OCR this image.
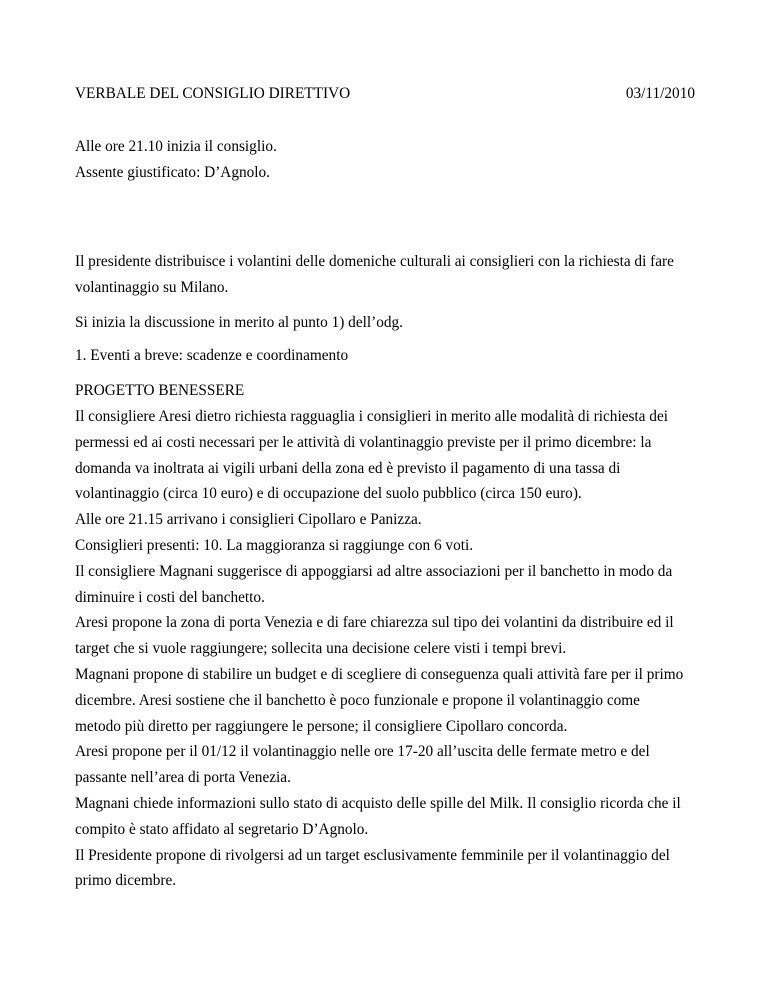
VERBALE DEL CONSIGLIO DIRETTIVO	03/11/2010
Alle ore 21.10 inizia il consiglio.
Assente giustificato: D’Agnolo.
Il presidente distribuisce i volantini delle domeniche culturali ai consiglieri con la richiesta di fare
volantinaggio su Milano.
Si inizia la discussione in merito al punto 1) dell’odg.
1. Eventi a breve: scadenze e coordinamento
PROGETTO BENESSERE
Il consigliere Aresi dietro richiesta ragguaglia i consiglieri in merito alle modalità di richiesta dei
permessi ed ai costi necessari per le attività di volantinaggio previste per il primo dicembre: la
domanda va inoltrata ai vigili urbani della zona ed è previsto il pagamento di una tassa di
volantinaggio (circa 10 euro) e di occupazione del suolo pubblico (circa 150 euro).
Alle ore 21.15 arrivano i consiglieri Cipollaro e Panizza.
Consiglieri presenti: 10. La maggioranza si raggiunge con 6 voti.
Il consigliere Magnani suggerisce di appoggiarsi ad altre associazioni per il banchetto in modo da
diminuire i costi del banchetto.
Aresi propone la zona di porta Venezia e di fare chiarezza sul tipo dei volantini da distribuire ed il
target che si vuole raggiungere; sollecita una decisione celere visti i tempi brevi.
Magnani propone di stabilire un budget e di scegliere di conseguenza quali attività fare per il primo
dicembre. Aresi sostiene che il banchetto è poco funzionale e propone il volantinaggio come
metodo più diretto per raggiungere le persone; il consigliere Cipollaro concorda.
Aresi propone per il 01/12 il volantinaggio nelle ore 17-20 all’uscita delle fermate metro e del
passante nell’area di porta Venezia.
Magnani chiede informazioni sullo stato di acquisto delle spille del Milk. Il consiglio ricorda che il
compito è stato affidato al segretario D’Agnolo.
Il Presidente propone di rivolgersi ad un target esclusivamente femminile per il volantinaggio del
primo dicembre.
